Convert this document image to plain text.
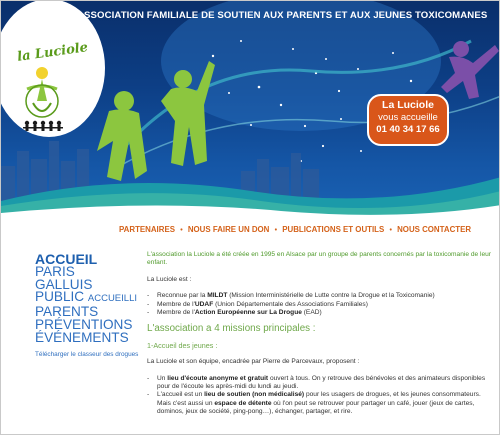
la Luciole
ASSOCIATION FAMILIALE DE SOUTIEN AUX PARENTS ET AUX JEUNES TOXICOMANES
La Luciole
vous accueille
01 40 34 17 66
PARTENAIRES • NOUS FAIRE UN DON • PUBLICATIONS ET OUTILS • NOUS CONTACTER
ACCUEIL
PARIS
GALLUIS
PUBLIC ACCUEILLI
PARENTS
PRÉVENTIONS
ÉVÉNEMENTS
Télécharger le classeur des drogues

L'association la Luciole a été créée en 1995 en Alsace par un groupe de parents concernés par la toxicomanie de leur enfant.

La Luciole est :

- Reconnue par la MILDT (Mission Interministérielle de Lutte contre la Drogue et la Toxicomanie)
- Membre de l'UDAF (Union Départementale des Associations Familiales)
- Membre de l'Action Européenne sur La Drogue (EAD)
L'association a 4 missions principales :
1-Accueil des jeunes :

La Luciole et son équipe, encadrée par Pierre de Parcevaux, proposent :

- Un lieu d'écoute anonyme et gratuit ouvert à tous. On y retrouve des bénévoles et des animateurs disponibles pour de l'écoute les après-midi du lundi au jeudi.
- L'accueil est un lieu de soutien (non médicalisé) pour les usagers de drogues, et les jeunes consommateurs. Mais c'est aussi un espace de détente où l'on peut se retrouver pour partager un café, jouer (jeux de cartes, dominos, jeux de société, ping-pong…), échanger, partager, et rire.
